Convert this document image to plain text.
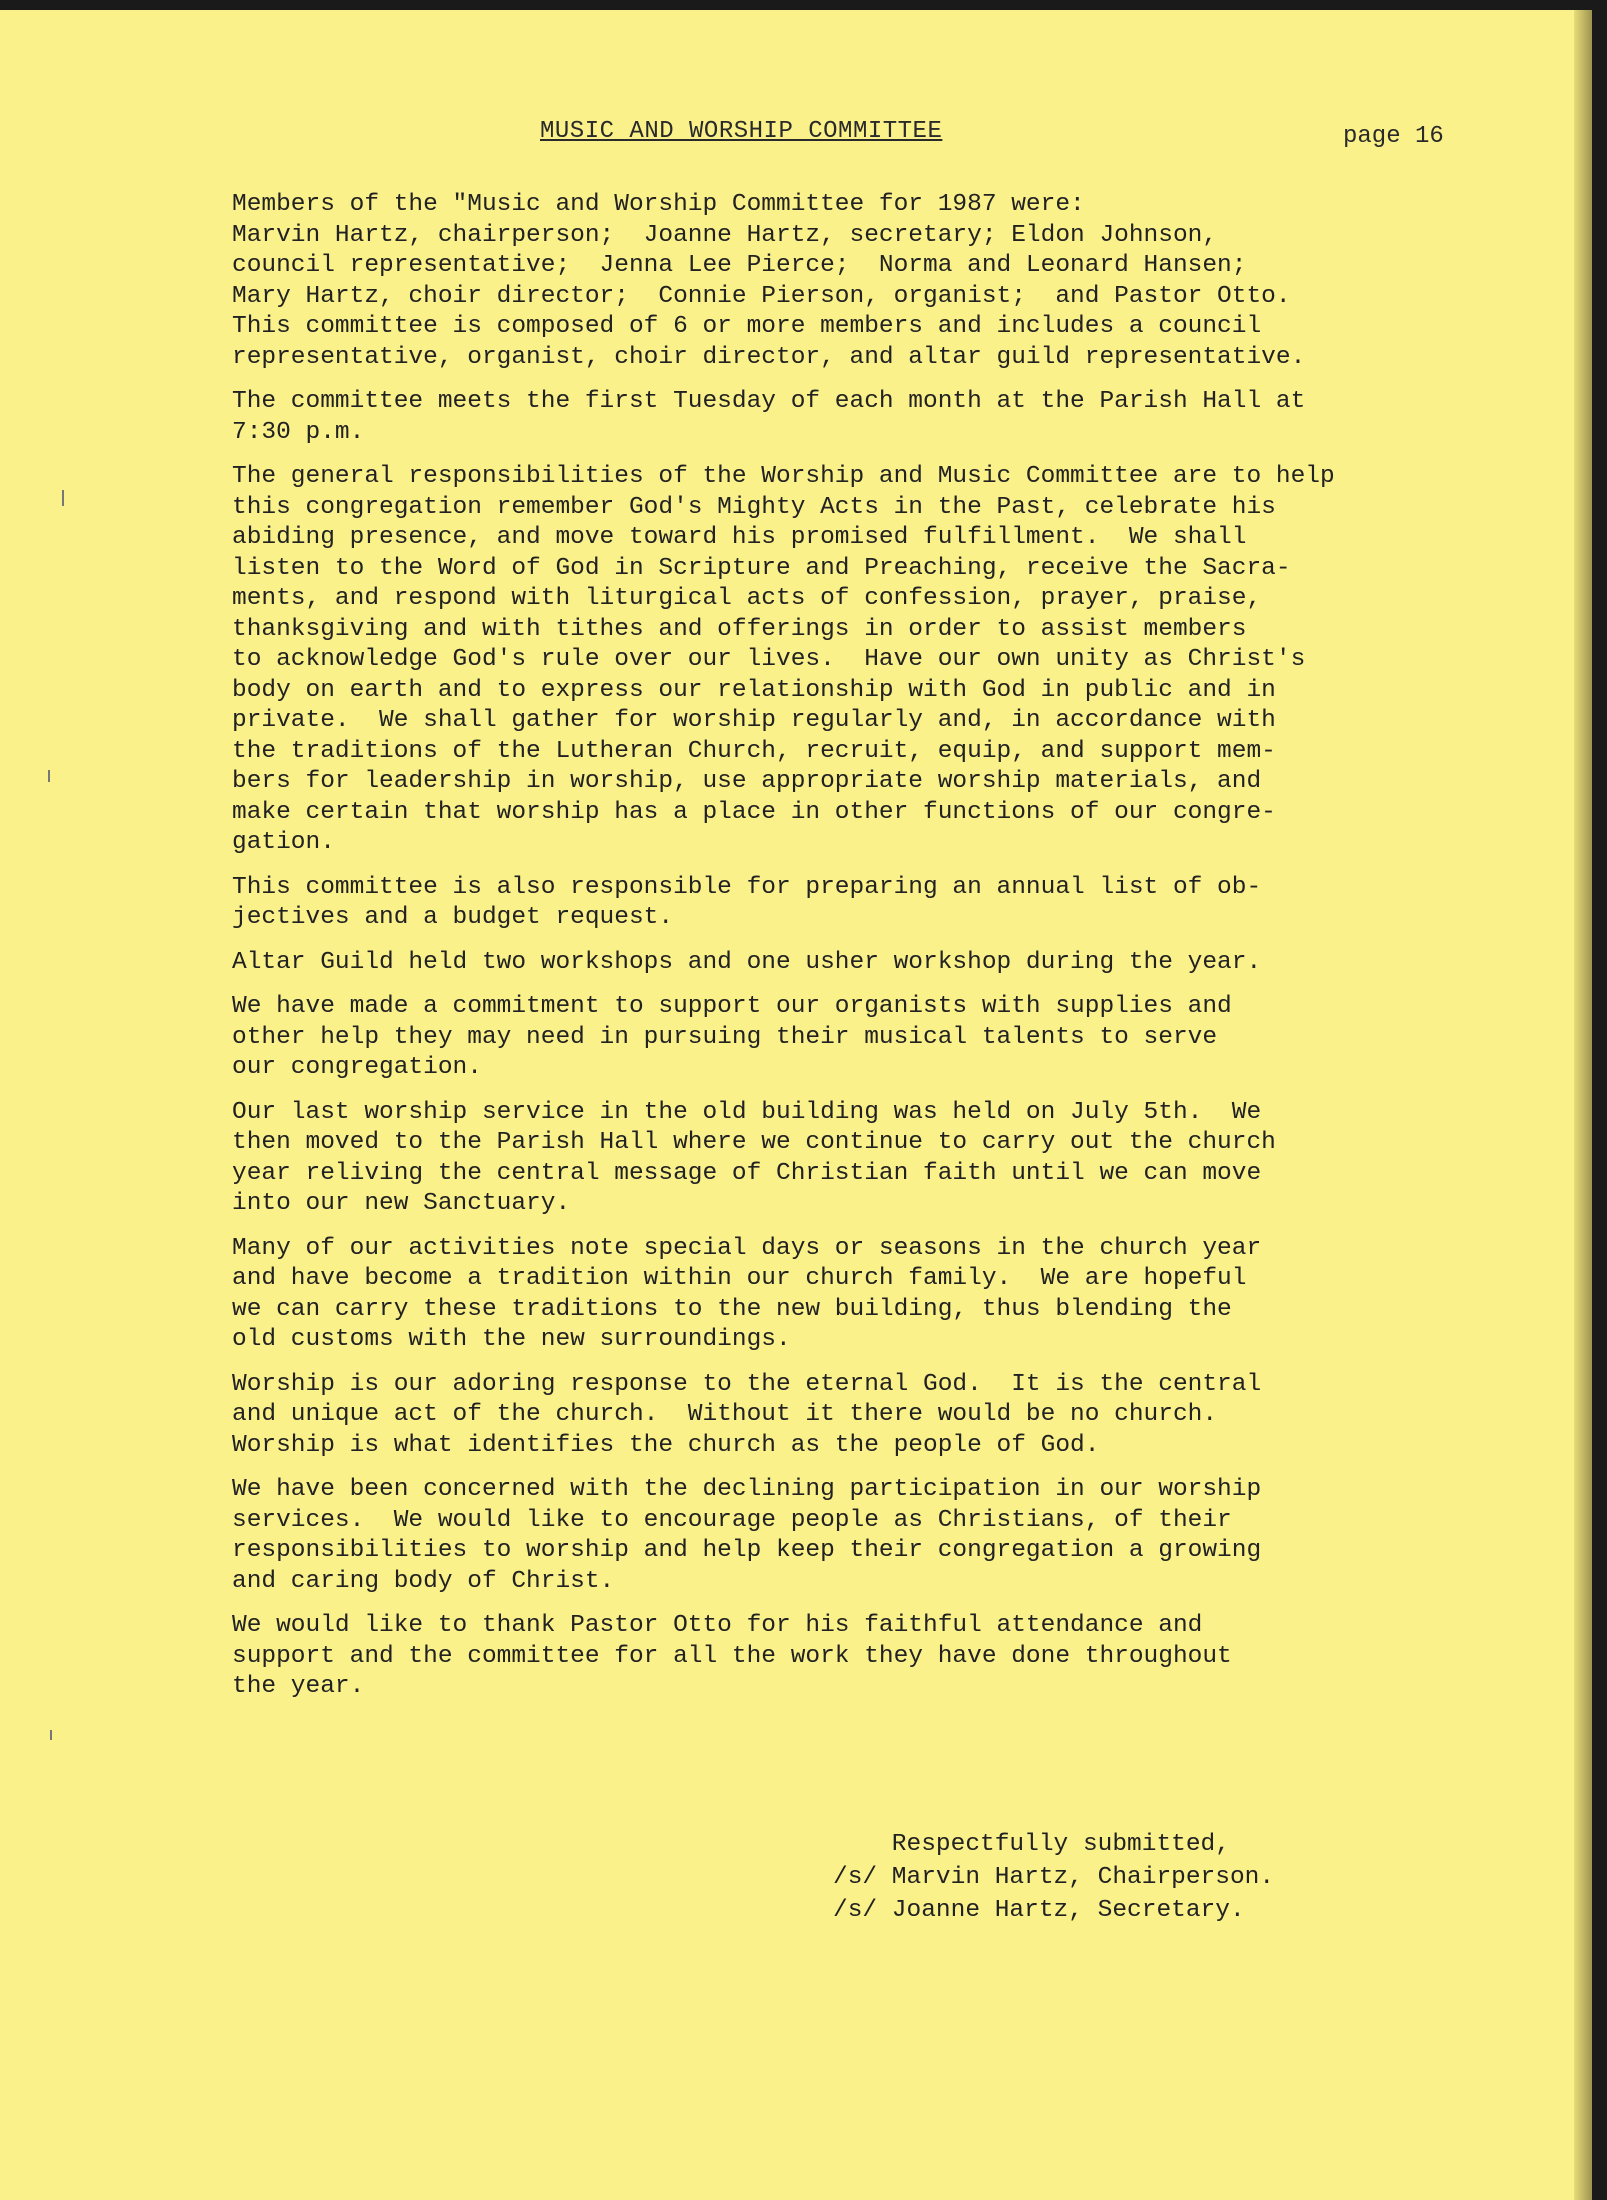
MUSIC AND WORSHIP COMMITTEE	page 16
Members of the "Music and Worship Committee for 1987 were:
Marvin Hartz, chairperson;  Joanne Hartz, secretary; Eldon Johnson,
council representative;  Jenna Lee Pierce;  Norma and Leonard Hansen;
Mary Hartz, choir director;  Connie Pierson, organist;  and Pastor Otto.
This committee is composed of 6 or more members and includes a council
representative, organist, choir director, and altar guild representative.
The committee meets the first Tuesday of each month at the Parish Hall at
7:30 p.m.
The general responsibilities of the Worship and Music Committee are to help
this congregation remember God's Mighty Acts in the Past, celebrate his
abiding presence, and move toward his promised fulfillment.  We shall
listen to the Word of God in Scripture and Preaching, receive the Sacra-
ments, and respond with liturgical acts of confession, prayer, praise,
thanksgiving and with tithes and offerings in order to assist members
to acknowledge God's rule over our lives.  Have our own unity as Christ's
body on earth and to express our relationship with God in public and in
private.  We shall gather for worship regularly and, in accordance with
the traditions of the Lutheran Church, recruit, equip, and support mem-
bers for leadership in worship, use appropriate worship materials, and
make certain that worship has a place in other functions of our congre-
gation.
This committee is also responsible for preparing an annual list of ob-
jectives and a budget request.
Altar Guild held two workshops and one usher workshop during the year.
We have made a commitment to support our organists with supplies and
other help they may need in pursuing their musical talents to serve
our congregation.
Our last worship service in the old building was held on July 5th.  We
then moved to the Parish Hall where we continue to carry out the church
year reliving the central message of Christian faith until we can move
into our new Sanctuary.
Many of our activities note special days or seasons in the church year
and have become a tradition within our church family.  We are hopeful
we can carry these traditions to the new building, thus blending the
old customs with the new surroundings.
Worship is our adoring response to the eternal God.  It is the central
and unique act of the church.  Without it there would be no church.
Worship is what identifies the church as the people of God.
We have been concerned with the declining participation in our worship
services.  We would like to encourage people as Christians, of their
responsibilities to worship and help keep their congregation a growing
and caring body of Christ.
We would like to thank Pastor Otto for his faithful attendance and
support and the committee for all the work they have done throughout
the year.
Respectfully submitted,
/s/ Marvin Hartz, Chairperson.
/s/ Joanne Hartz, Secretary.
